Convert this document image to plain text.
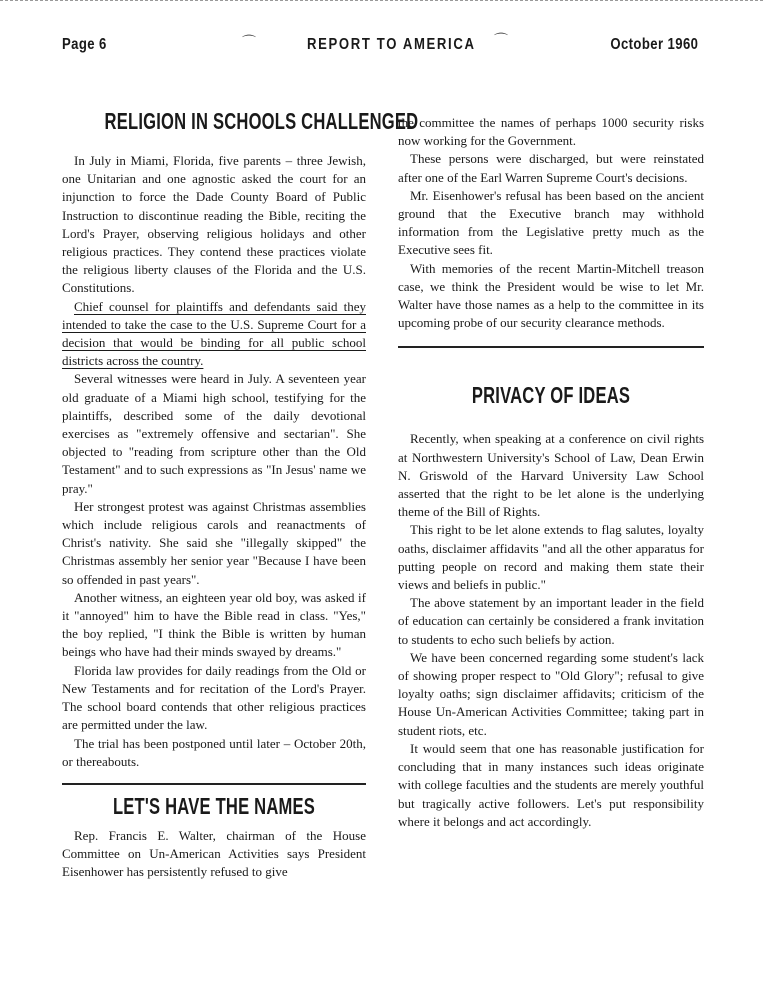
Page 6	⌒	REPORT TO AMERICA ⌒	October 1960
RELIGION IN SCHOOLS CHALLENGED

In July in Miami, Florida, five parents – three Jewish, one Unitarian and one agnostic asked the court for an injunction to force the Dade County Board of Public Instruction to discontinue reading the Bible, reciting the Lord's Prayer, observing religious holidays and other religious practices. They contend these practices violate the religious liberty clauses of the Florida and the U.S. Constitutions.

Chief counsel for plaintiffs and defendants said they intended to take the case to the U.S. Supreme Court for a decision that would be binding for all public school districts across the country.

Several witnesses were heard in July. A seventeen year old graduate of a Miami high school, testifying for the plaintiffs, described some of the daily devotional exercises as "extremely offensive and sectarian". She objected to "reading from scripture other than the Old Testament" and to such expressions as "In Jesus' name we pray."

Her strongest protest was against Christmas assemblies which include religious carols and reanactments of Christ's nativity. She said she "illegally skipped" the Christmas assembly her senior year "Because I have been so offended in past years".

Another witness, an eighteen year old boy, was asked if it "annoyed" him to have the Bible read in class. "Yes," the boy replied, "I think the Bible is written by human beings who have had their minds swayed by dreams."

Florida law provides for daily readings from the Old or New Testaments and for recitation of the Lord's Prayer. The school board contends that other religious practices are permitted under the law.

The trial has been postponed until later – October 20th, or thereabouts.

LET'S HAVE THE NAMES

Rep. Francis E. Walter, chairman of the House Committee on Un-American Activities says President Eisenhower has persistently refused to give

the committee the names of perhaps 1000 security risks now working for the Government.

These persons were discharged, but were reinstated after one of the Earl Warren Supreme Court's decisions.

Mr. Eisenhower's refusal has been based on the ancient ground that the Executive branch may withhold information from the Legislative pretty much as the Executive sees fit.

With memories of the recent Martin-Mitchell treason case, we think the President would be wise to let Mr. Walter have those names as a help to the committee in its upcoming probe of our security clearance methods.

PRIVACY OF IDEAS

Recently, when speaking at a conference on civil rights at Northwestern University's School of Law, Dean Erwin N. Griswold of the Harvard University Law School asserted that the right to be let alone is the underlying theme of the Bill of Rights.

This right to be let alone extends to flag salutes, loyalty oaths, disclaimer affidavits "and all the other apparatus for putting people on record and making them state their views and beliefs in public."

The above statement by an important leader in the field of education can certainly be considered a frank invitation to students to echo such beliefs by action.

We have been concerned regarding some student's lack of showing proper respect to "Old Glory"; refusal to give loyalty oaths; sign disclaimer affidavits; criticism of the House Un-American Activities Committee; taking part in student riots, etc.

It would seem that one has reasonable justification for concluding that in many instances such ideas originate with college faculties and the students are merely youthful but tragically active followers. Let's put responsibility where it belongs and act accordingly.
